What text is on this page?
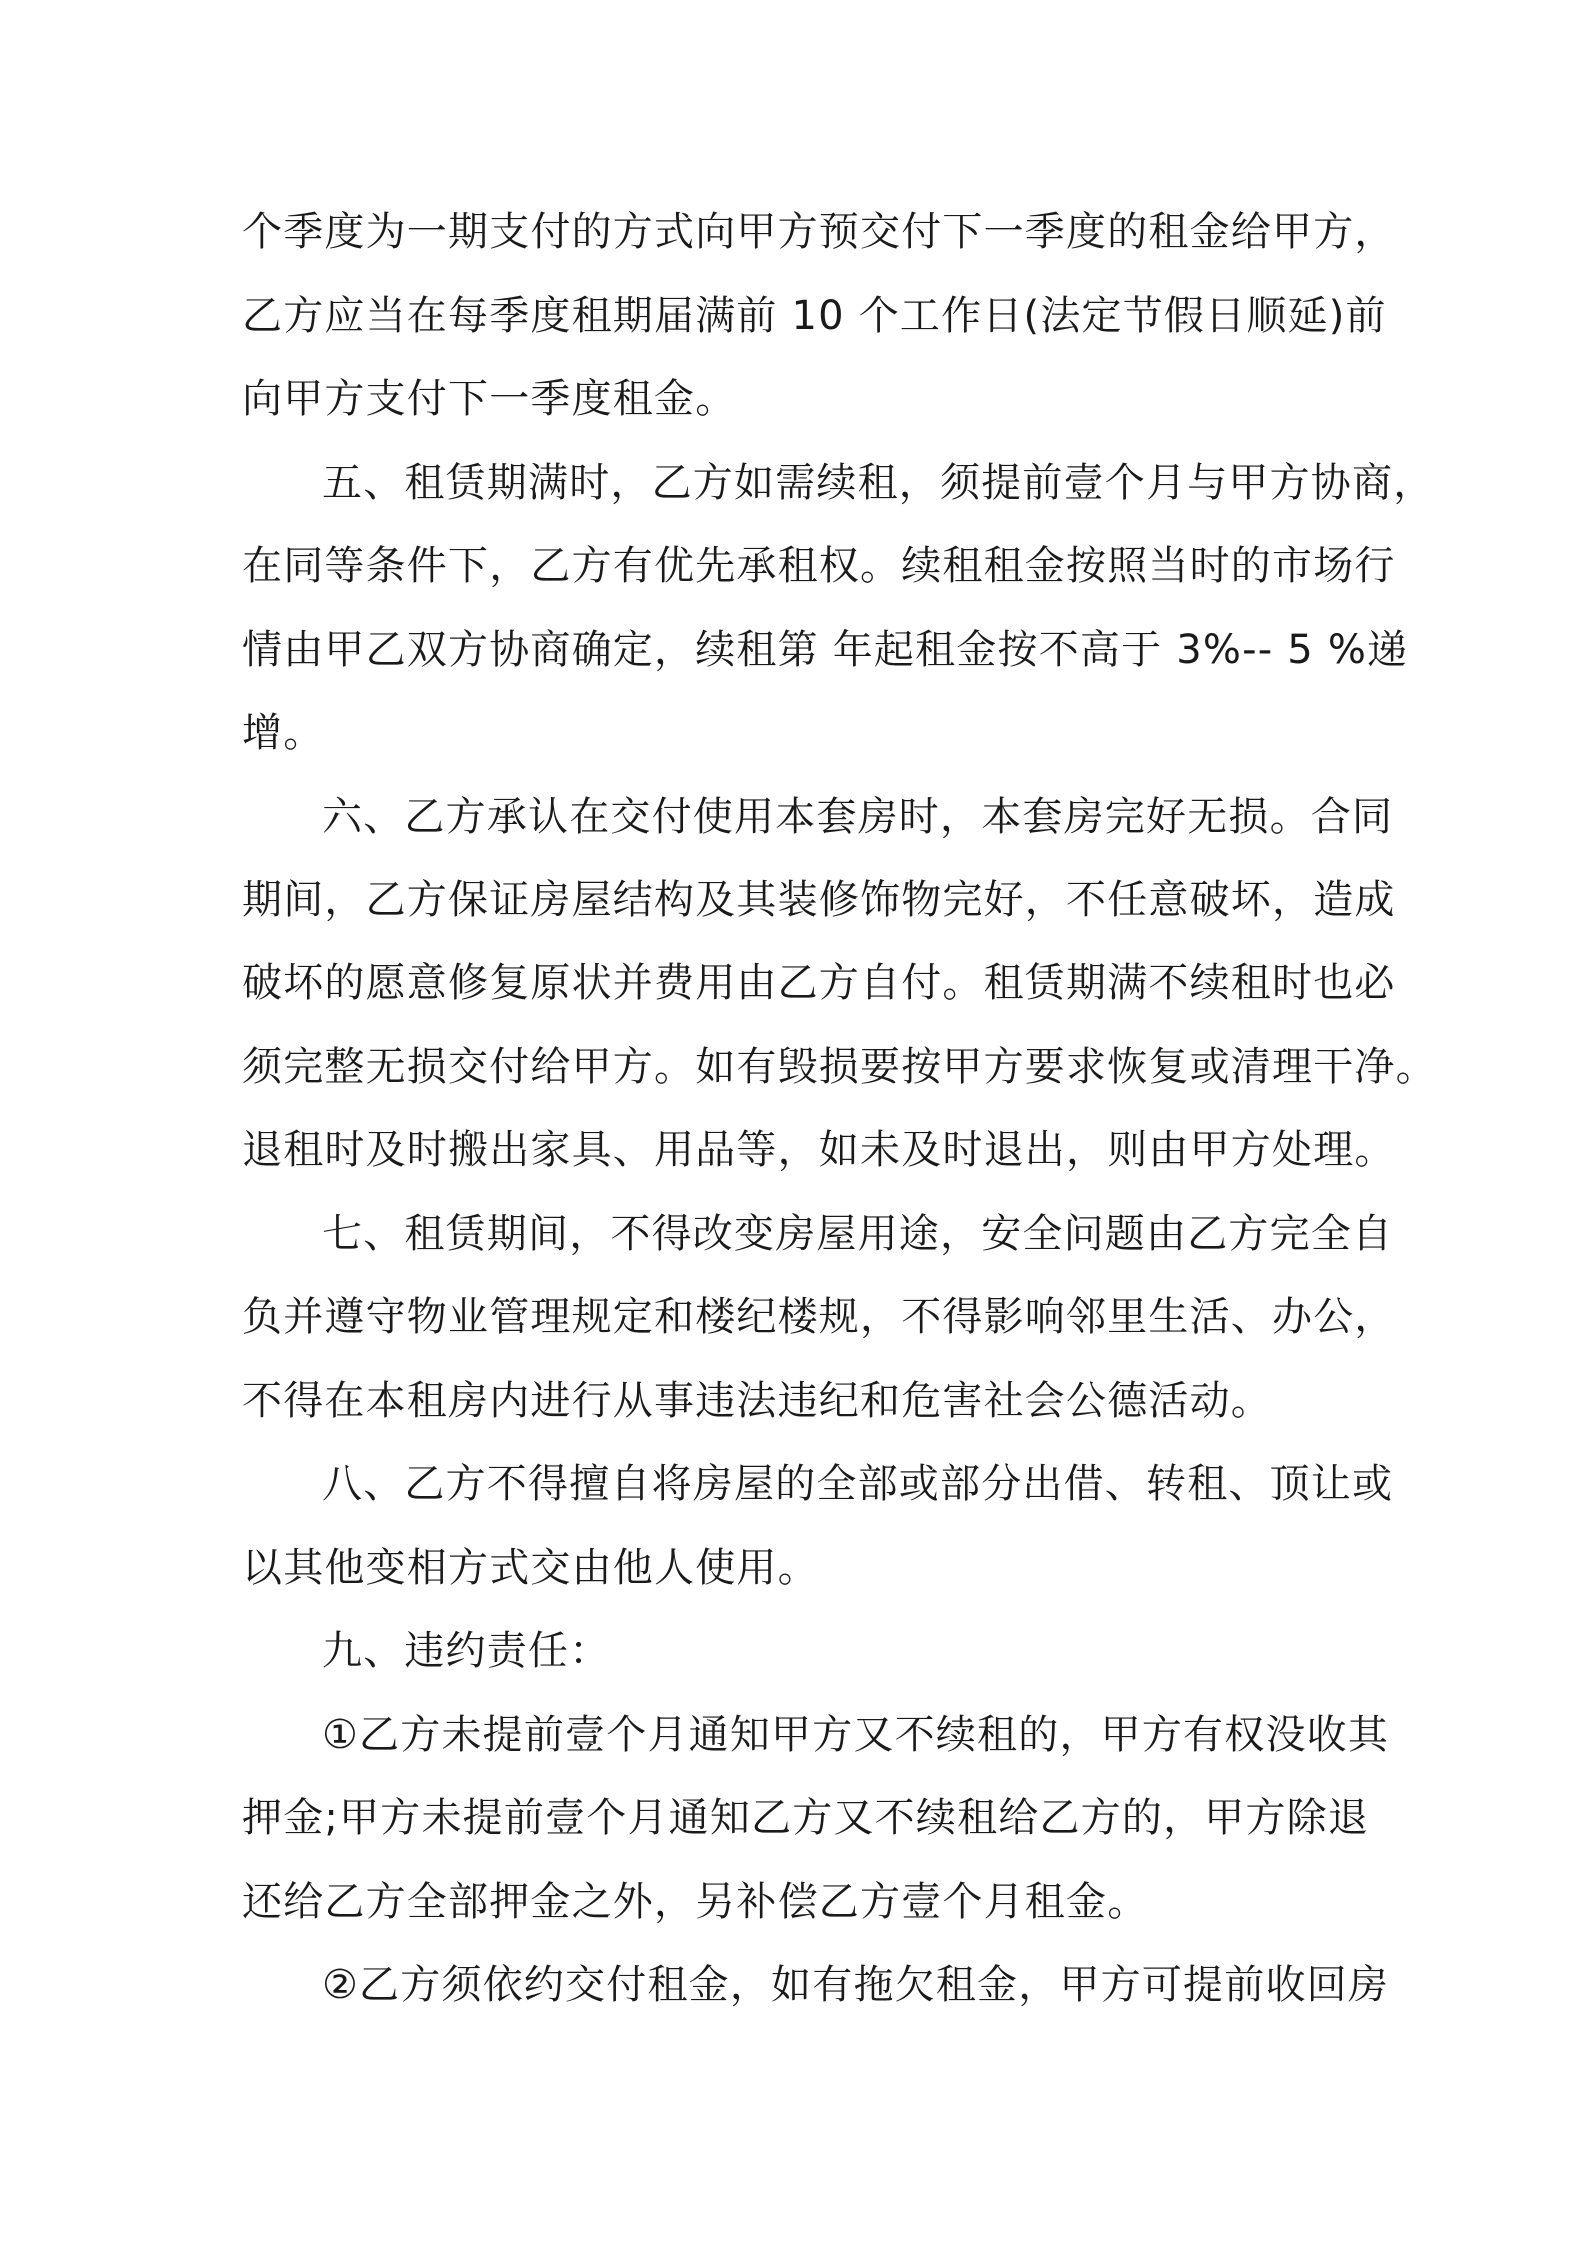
个季度为一期支付的方式向甲方预交付下一季度的租金给甲方，
乙方应当在每季度租期届满前 10 个工作日(法定节假日顺延)前
向甲方支付下一季度租金。
五、租赁期满时，乙方如需续租，须提前壹个月与甲方协商，
在同等条件下，乙方有优先承租权。续租租金按照当时的市场行
情由甲乙双方协商确定，续租第 年起租金按不高于 3%-- 5 %递
增。
六、乙方承认在交付使用本套房时，本套房完好无损。合同
期间，乙方保证房屋结构及其装修饰物完好，不任意破坏，造成
破坏的愿意修复原状并费用由乙方自付。租赁期满不续租时也必
须完整无损交付给甲方。如有毁损要按甲方要求恢复或清理干净。
退租时及时搬出家具、用品等，如未及时退出，则由甲方处理。
七、租赁期间，不得改变房屋用途，安全问题由乙方完全自
负并遵守物业管理规定和楼纪楼规，不得影响邻里生活、办公，
不得在本租房内进行从事违法违纪和危害社会公德活动。
八、乙方不得擅自将房屋的全部或部分出借、转租、顶让或
以其他变相方式交由他人使用。
九、违约责任：
①乙方未提前壹个月通知甲方又不续租的，甲方有权没收其
押金;甲方未提前壹个月通知乙方又不续租给乙方的，甲方除退
还给乙方全部押金之外，另补偿乙方壹个月租金。
②乙方须依约交付租金，如有拖欠租金，甲方可提前收回房
